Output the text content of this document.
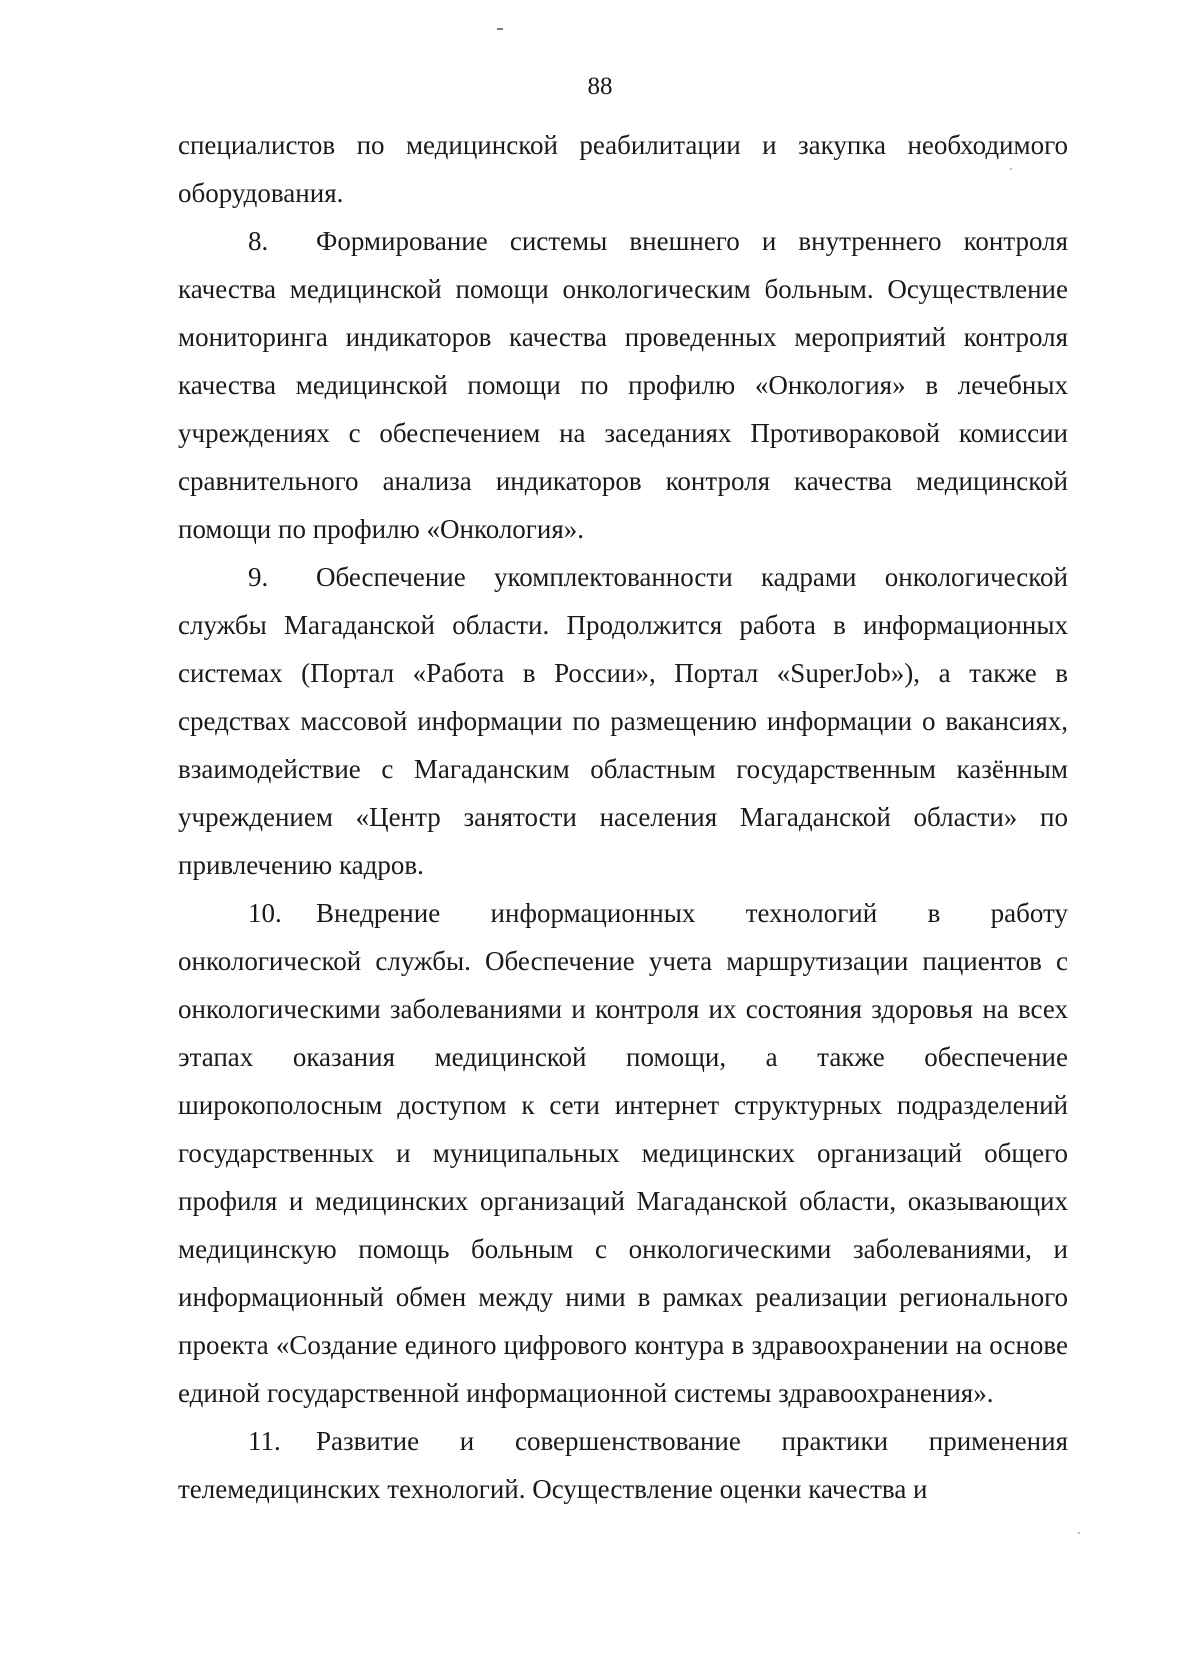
88

специалистов по медицинской реабилитации и закупка необходимого оборудования.

8. Формирование системы внешнего и внутреннего контроля качества медицинской помощи онкологическим больным. Осуществление мониторинга индикаторов качества проведенных мероприятий контроля качества медицинской помощи по профилю «Онкология» в лечебных учреждениях с обеспечением на заседаниях Противораковой комиссии сравнительного анализа индикаторов контроля качества медицинской помощи по профилю «Онкология».

9. Обеспечение укомплектованности кадрами онкологической службы Магаданской области. Продолжится работа в информационных системах (Портал «Работа в России», Портал «SuperJob»), а также в средствах массовой информации по размещению информации о вакансиях, взаимодействие с Магаданским областным государственным казённым учреждением «Центр занятости населения Магаданской области» по привлечению кадров.

10. Внедрение информационных технологий в работу онкологической службы. Обеспечение учета маршрутизации пациентов с онкологическими заболеваниями и контроля их состояния здоровья на всех этапах оказания медицинской помощи, а также обеспечение широкополосным доступом к сети интернет структурных подразделений государственных и муниципальных медицинских организаций общего профиля и медицинских организаций Магаданской области, оказывающих медицинскую помощь больным с онкологическими заболеваниями, и информационный обмен между ними в рамках реализации регионального проекта «Создание единого цифрового контура в здравоохранении на основе единой государственной информационной системы здравоохранения».

11. Развитие и совершенствование практики применения телемедицинских технологий. Осуществление оценки качества и
